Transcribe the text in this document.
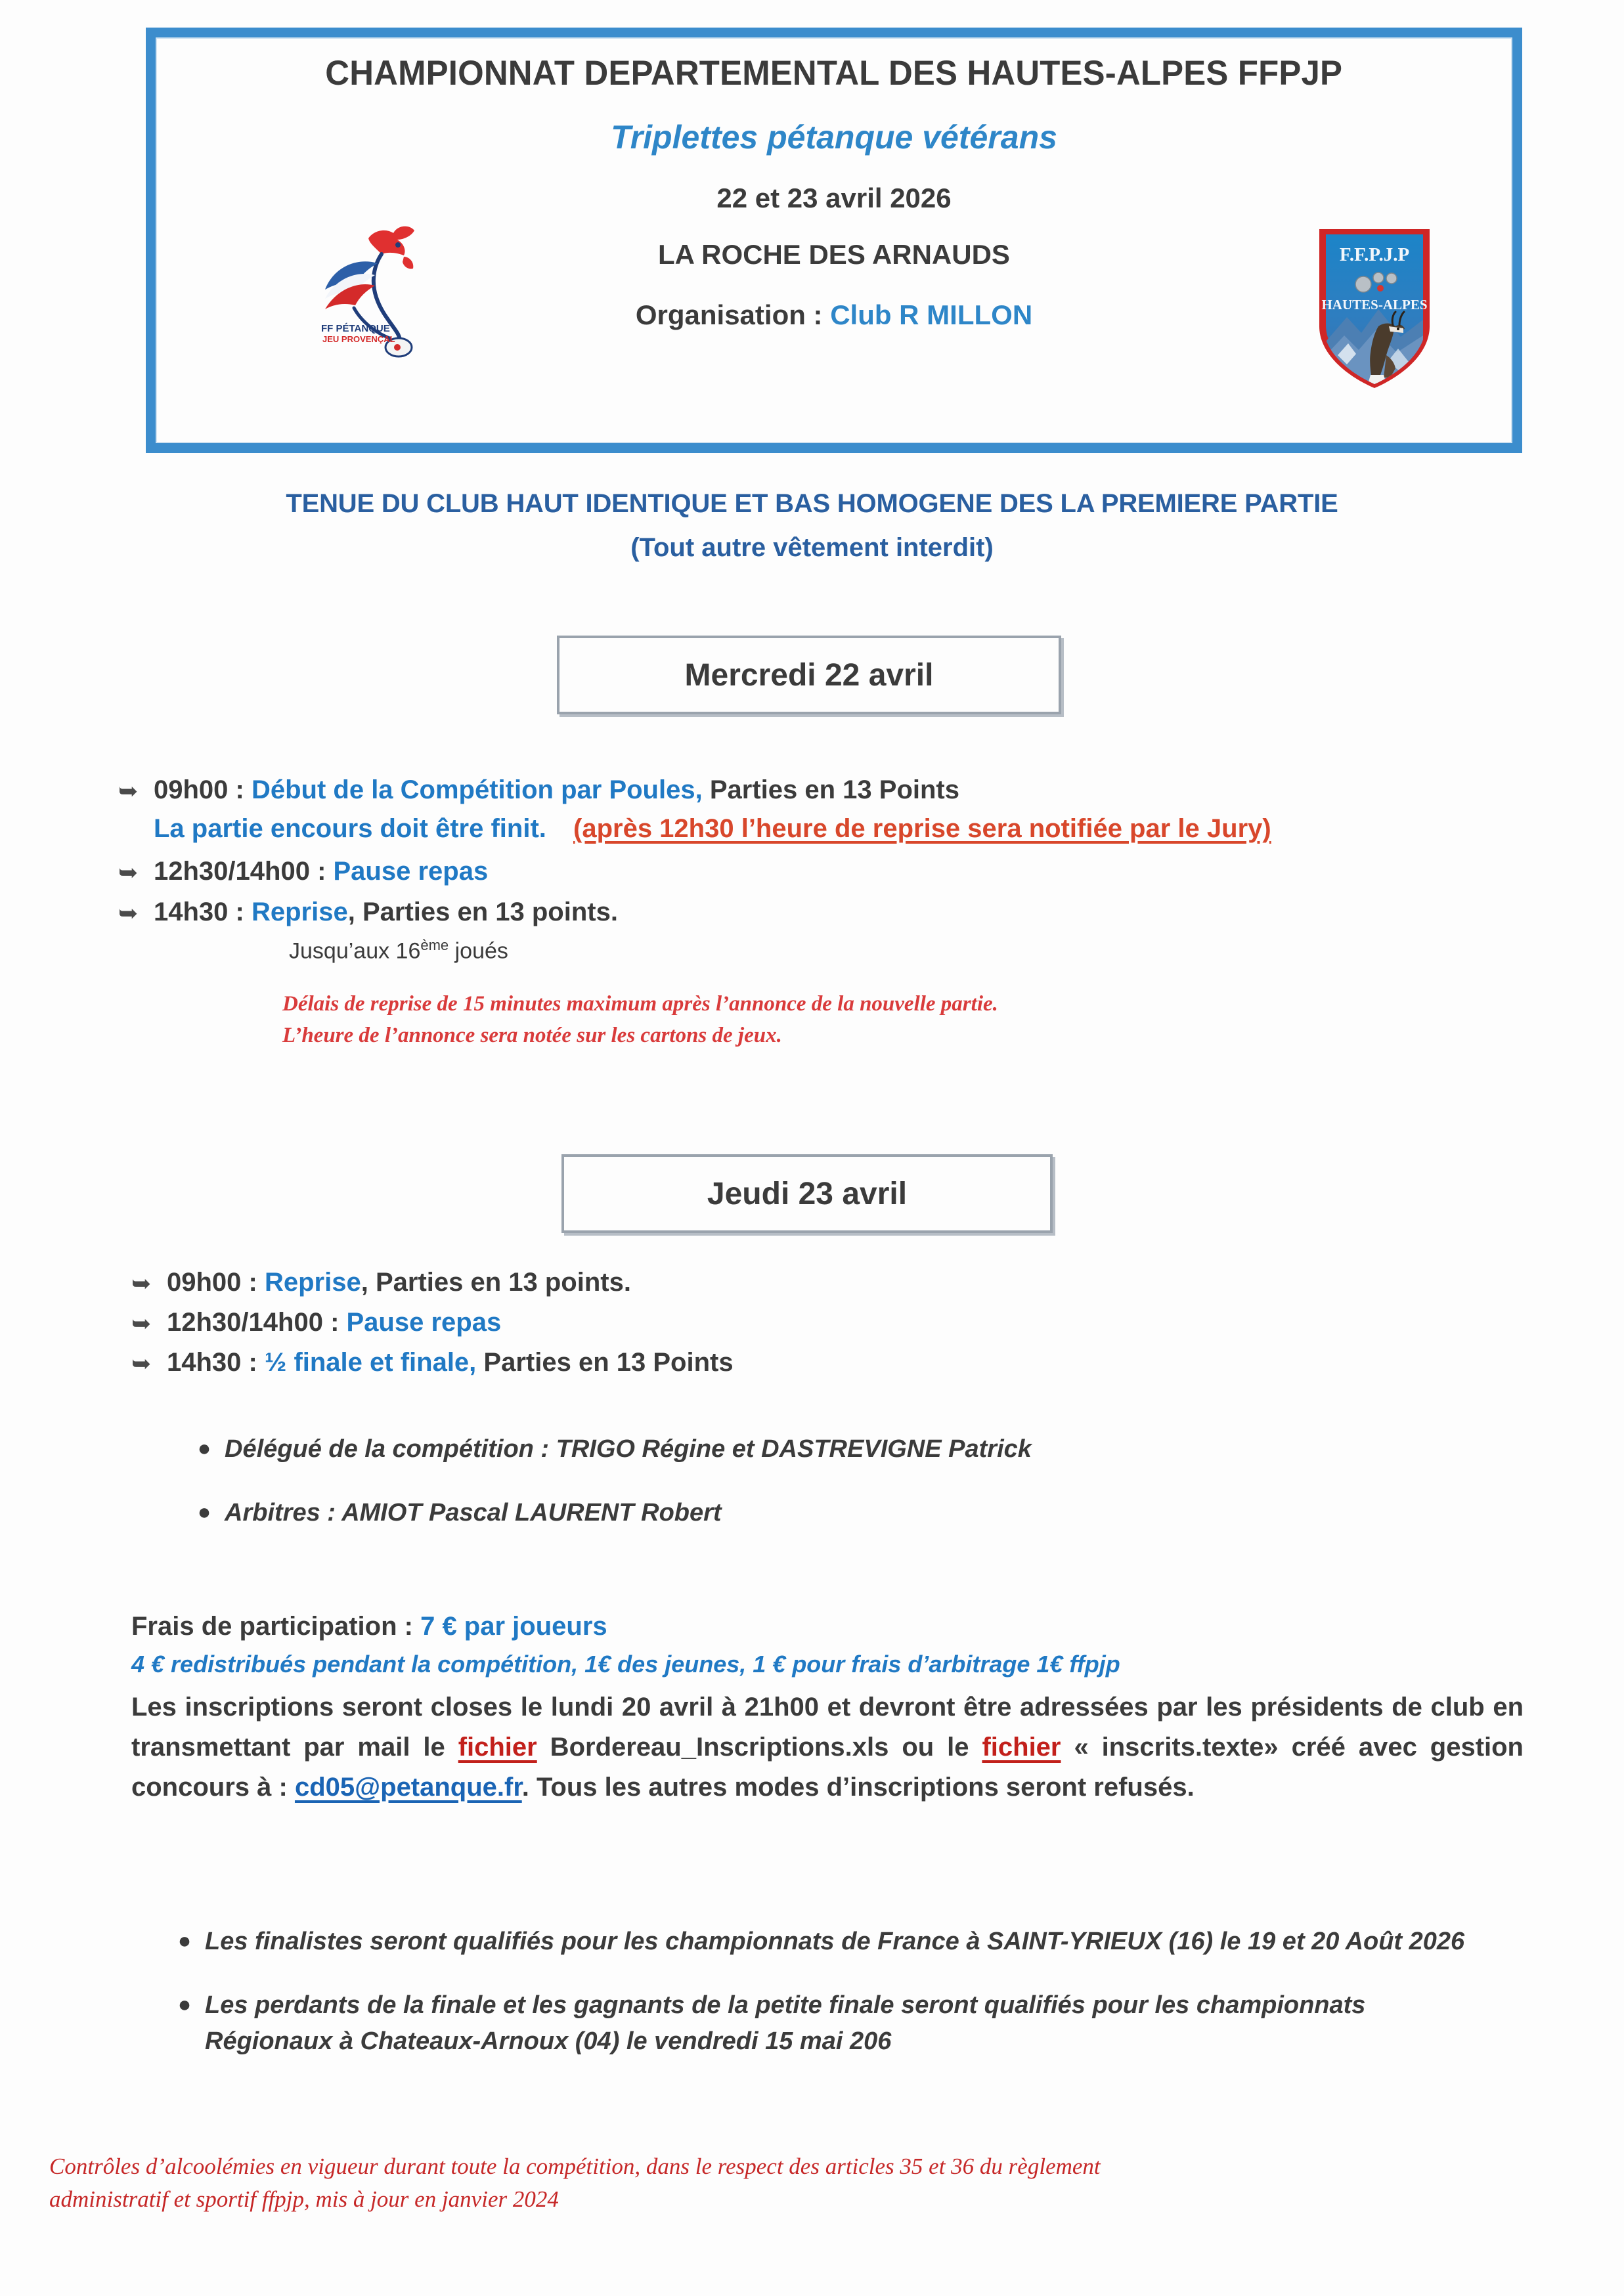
CHAMPIONNAT DEPARTEMENTAL DES HAUTES-ALPES FFPJP
Triplettes pétanque vétérans
22 et 23 avril 2026
LA ROCHE DES ARNAUDS
Organisation : Club R MILLON
FF PÉTANQUE
JEU PROVENÇAL
F.F.P.J.P
HAUTES-ALPES
TENUE DU CLUB HAUT IDENTIQUE ET BAS HOMOGENE DES LA PREMIERE PARTIE
(Tout autre vêtement interdit)
Mercredi 22 avril
➥ 09h00 : Début de la Compétition par Poules, Parties en 13 Points
La partie encours doit être finit. (après 12h30 l’heure de reprise sera notifiée par le Jury)
➥ 12h30/14h00 : Pause repas
➥ 14h30 : Reprise, Parties en 13 points.
Jusqu’aux 16ème joués
Délais de reprise de 15 minutes maximum après l’annonce de la nouvelle partie.
L’heure de l’annonce sera notée sur les cartons de jeux.
Jeudi 23 avril
➥ 09h00 : Reprise, Parties en 13 points.
➥ 12h30/14h00 : Pause repas
➥ 14h30 : ½ finale et finale, Parties en 13 Points
● Délégué de la compétition : TRIGO Régine et DASTREVIGNE Patrick
● Arbitres : AMIOT Pascal LAURENT Robert
Frais de participation : 7 € par joueurs
4 € redistribués pendant la compétition, 1€ des jeunes, 1 € pour frais d’arbitrage 1€ ffpjp
Les inscriptions seront closes le lundi 20 avril à 21h00 et devront être adressées par les présidents de club en transmettant par mail le fichier Bordereau_Inscriptions.xls ou le fichier « inscrits.texte» créé avec gestion concours à : cd05@petanque.fr. Tous les autres modes d’inscriptions seront refusés.
● Les finalistes seront qualifiés pour les championnats de France à SAINT-YRIEUX (16) le 19 et 20 Août 2026
● Les perdants de la finale et les gagnants de la petite finale seront qualifiés pour les championnats Régionaux à Chateaux-Arnoux (04) le vendredi 15 mai 206
Contrôles d’alcoolémies en vigueur durant toute la compétition, dans le respect des articles 35 et 36 du règlement
administratif et sportif ffpjp, mis à jour en janvier 2024
